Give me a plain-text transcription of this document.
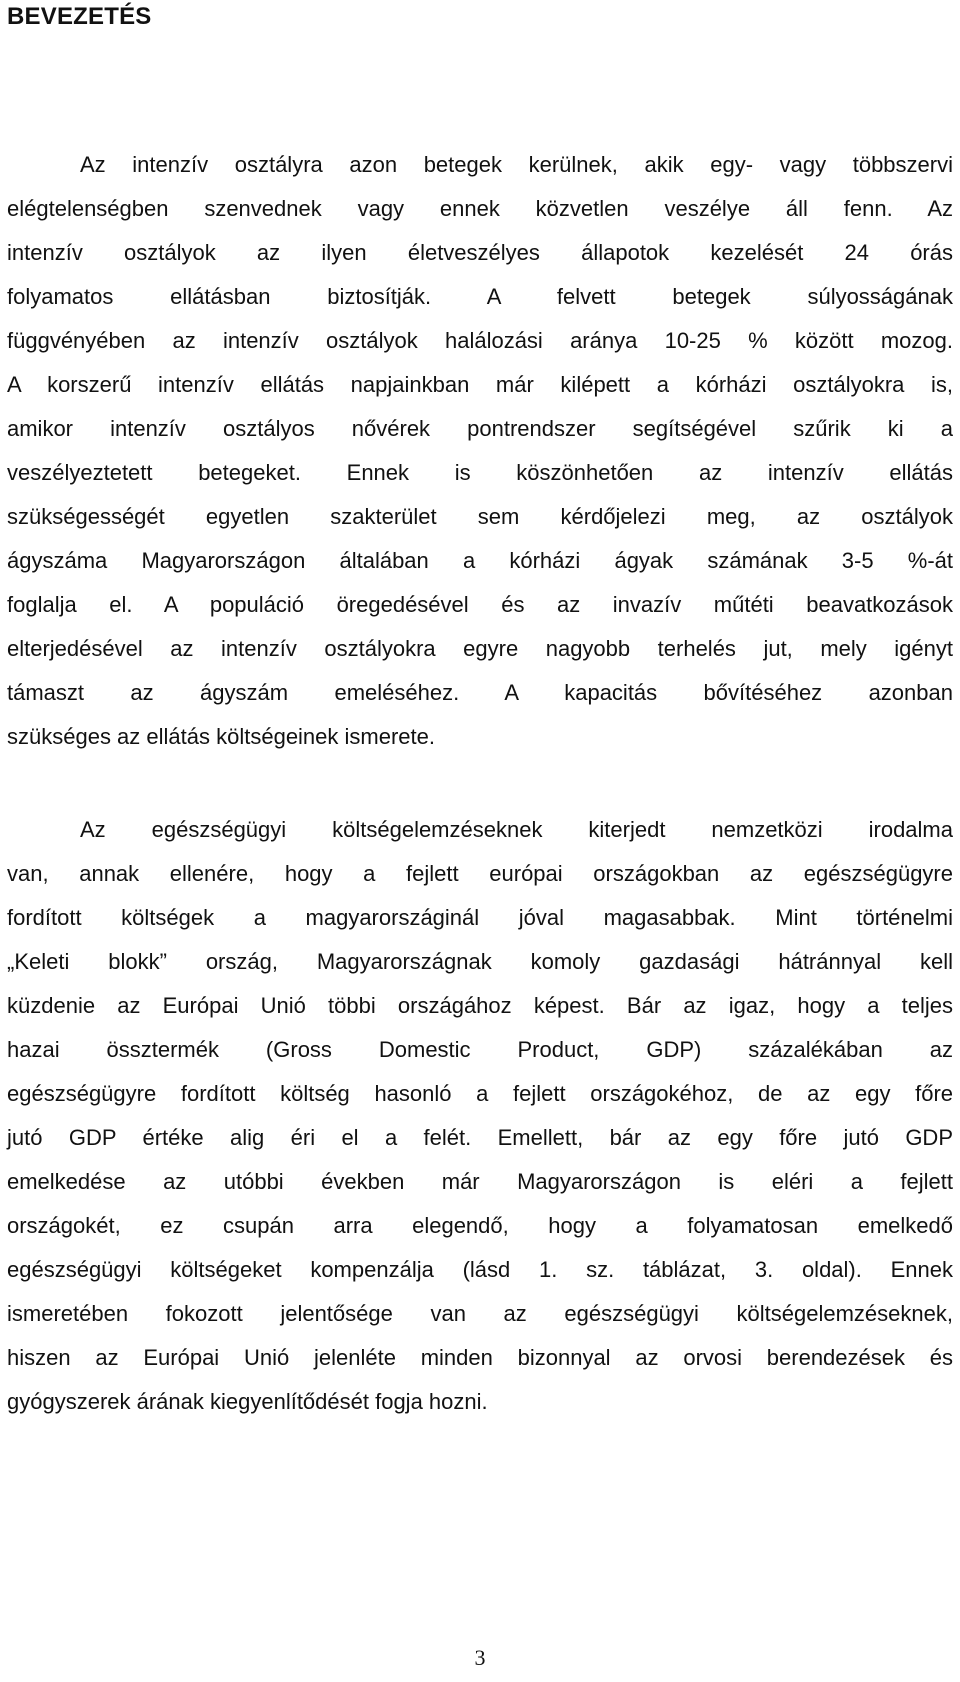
BEVEZETÉS
Az intenzív osztályra azon betegek kerülnek, akik egy- vagy többszervi
elégtelenségben szenvednek vagy ennek közvetlen veszélye áll fenn. Az
intenzív osztályok az ilyen életveszélyes állapotok kezelését 24 órás
folyamatos ellátásban biztosítják. A felvett betegek súlyosságának
függvényében az intenzív osztályok halálozási aránya 10-25 % között mozog.
A korszerű intenzív ellátás napjainkban már kilépett a kórházi osztályokra is,
amikor intenzív osztályos nővérek pontrendszer segítségével szűrik ki a
veszélyeztetett betegeket. Ennek is köszönhetően az intenzív ellátás
szükségességét egyetlen szakterület sem kérdőjelezi meg, az osztályok
ágyszáma Magyarországon általában a kórházi ágyak számának 3-5 %-át
foglalja el. A populáció öregedésével és az invazív műtéti beavatkozások
elterjedésével az intenzív osztályokra egyre nagyobb terhelés jut, mely igényt
támaszt az ágyszám emeléséhez. A kapacitás bővítéséhez azonban
szükséges az ellátás költségeinek ismerete.
Az egészségügyi költségelemzéseknek kiterjedt nemzetközi irodalma
van, annak ellenére, hogy a fejlett európai országokban az egészségügyre
fordított költségek a magyarországinál jóval magasabbak. Mint történelmi
„Keleti blokk” ország, Magyarországnak komoly gazdasági hátránnyal kell
küzdenie az Európai Unió többi országához képest. Bár az igaz, hogy a teljes
hazai össztermék (Gross Domestic Product, GDP) százalékában az
egészségügyre fordított költség hasonló a fejlett országokéhoz, de az egy főre
jutó GDP értéke alig éri el a felét. Emellett, bár az egy főre jutó GDP
emelkedése az utóbbi években már Magyarországon is eléri a fejlett
országokét, ez csupán arra elegendő, hogy a folyamatosan emelkedő
egészségügyi költségeket kompenzálja (lásd 1. sz. táblázat, 3. oldal). Ennek
ismeretében fokozott jelentősége van az egészségügyi költségelemzéseknek,
hiszen az Európai Unió jelenléte minden bizonnyal az orvosi berendezések és
gyógyszerek árának kiegyenlítődését fogja hozni.
3
